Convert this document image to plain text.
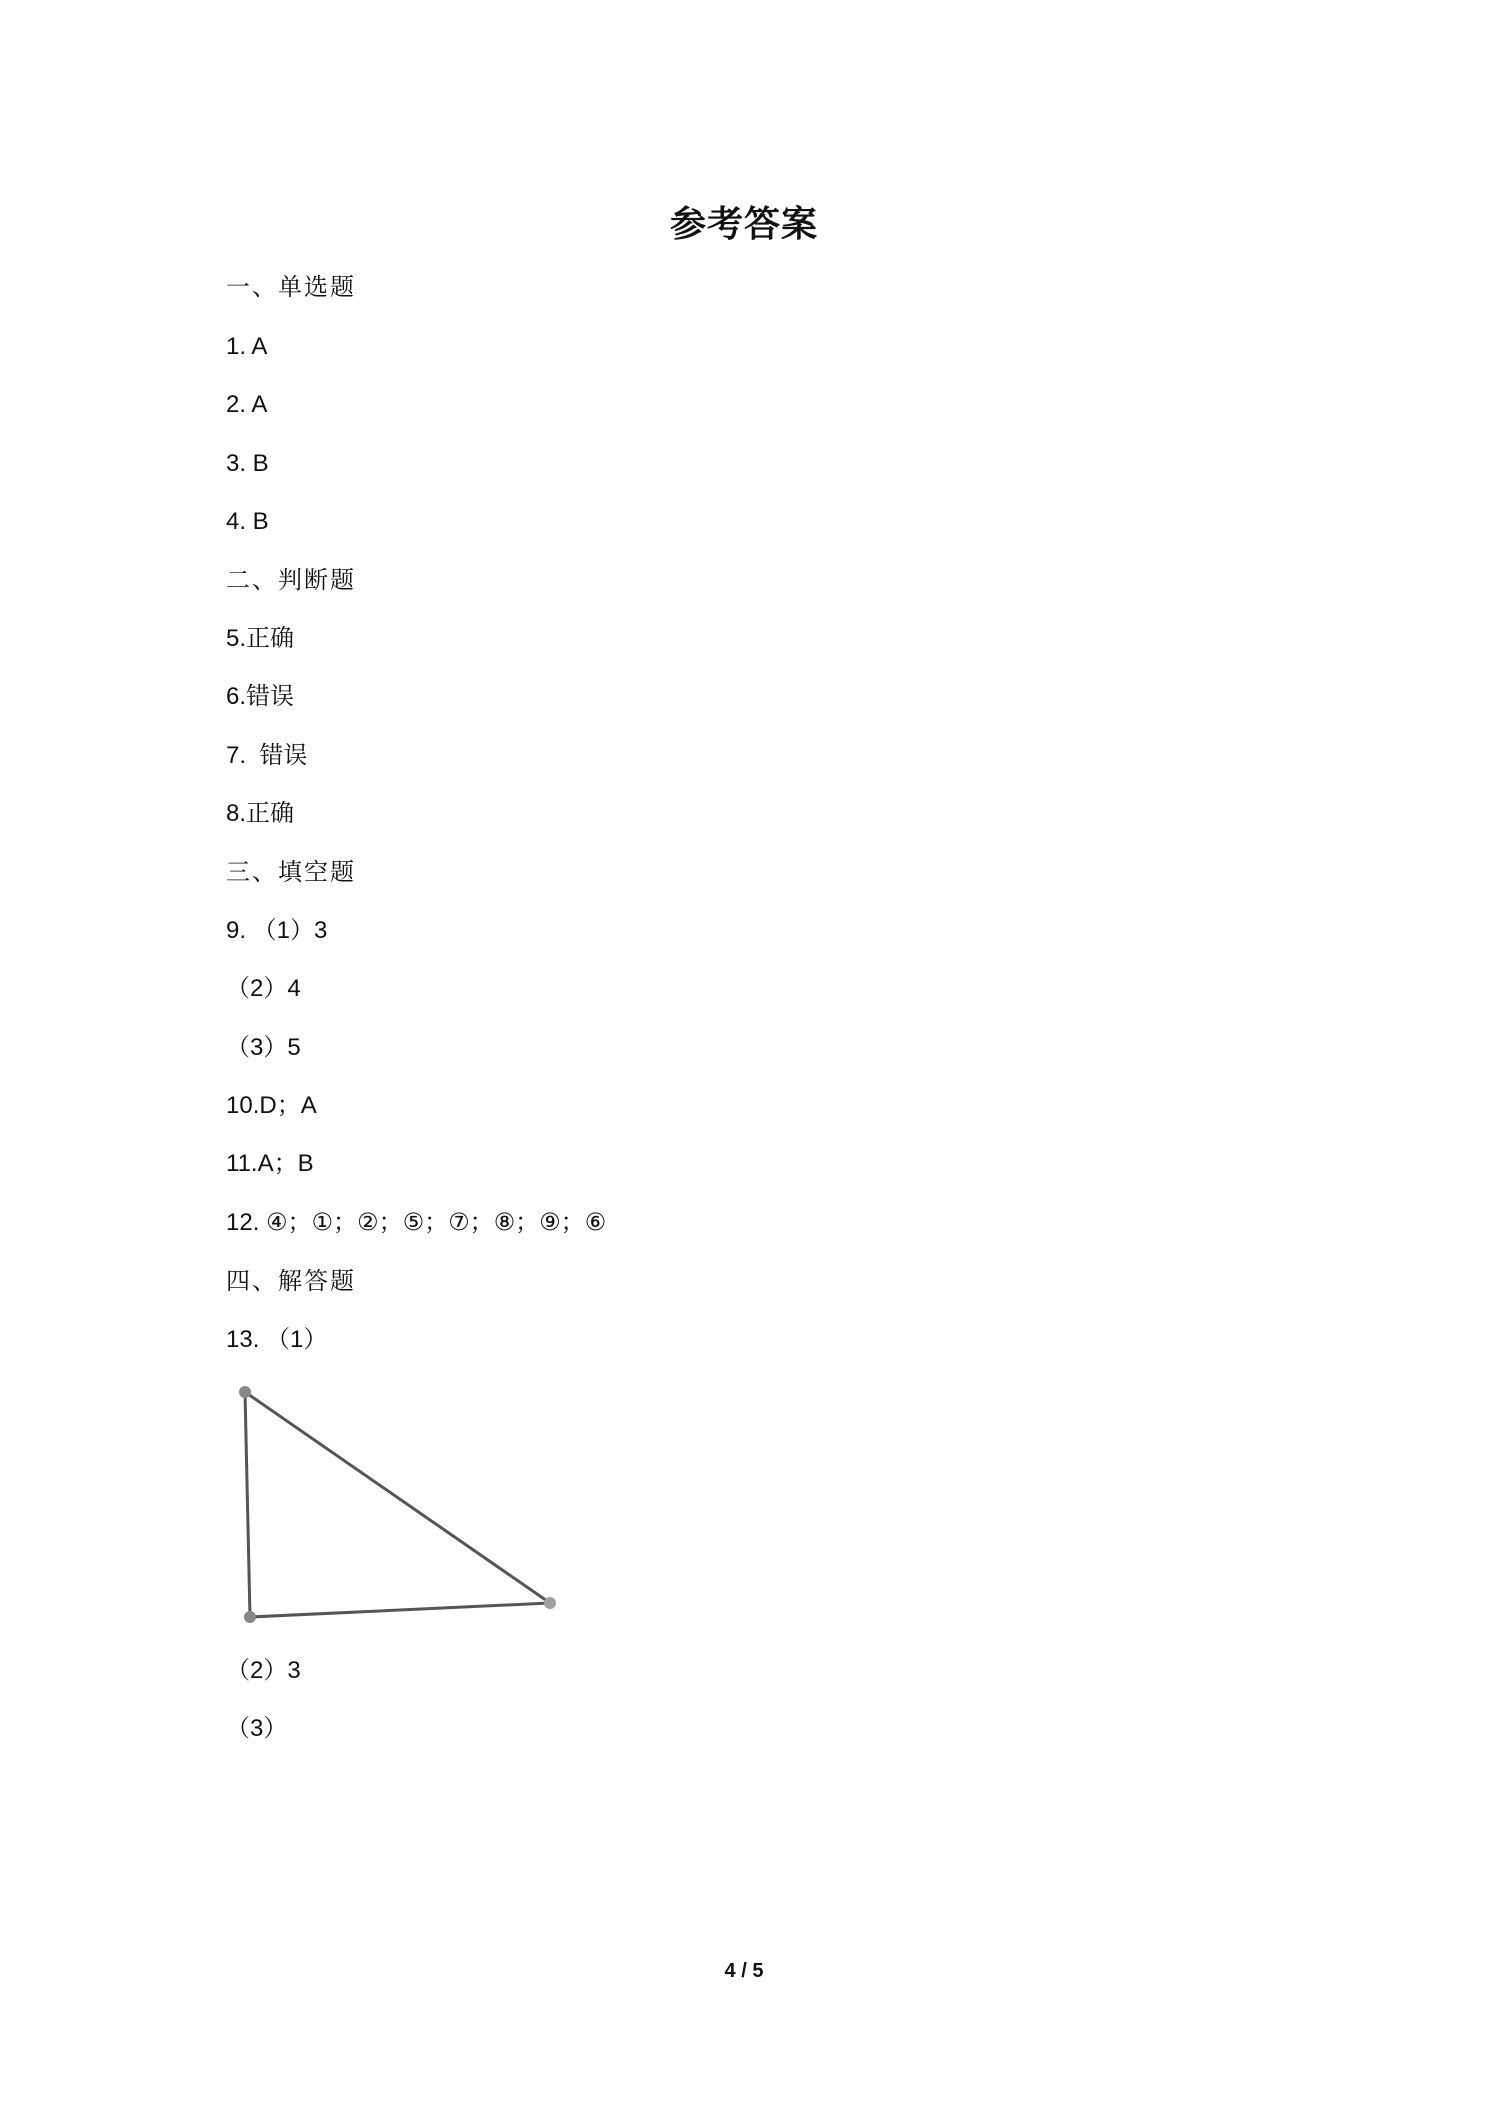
参考答案
一、单选题
1. A
2. A
3. B
4. B
二、判断题
5.正确
6.错误
7.  错误
8.正确
三、填空题
9. （1）3
（2）4
（3）5
10.D；A
11.A；B
12. ④；①；②；⑤；⑦；⑧；⑨；⑥
四、解答题
13. （1）
（2）3
（3）
4 / 5
